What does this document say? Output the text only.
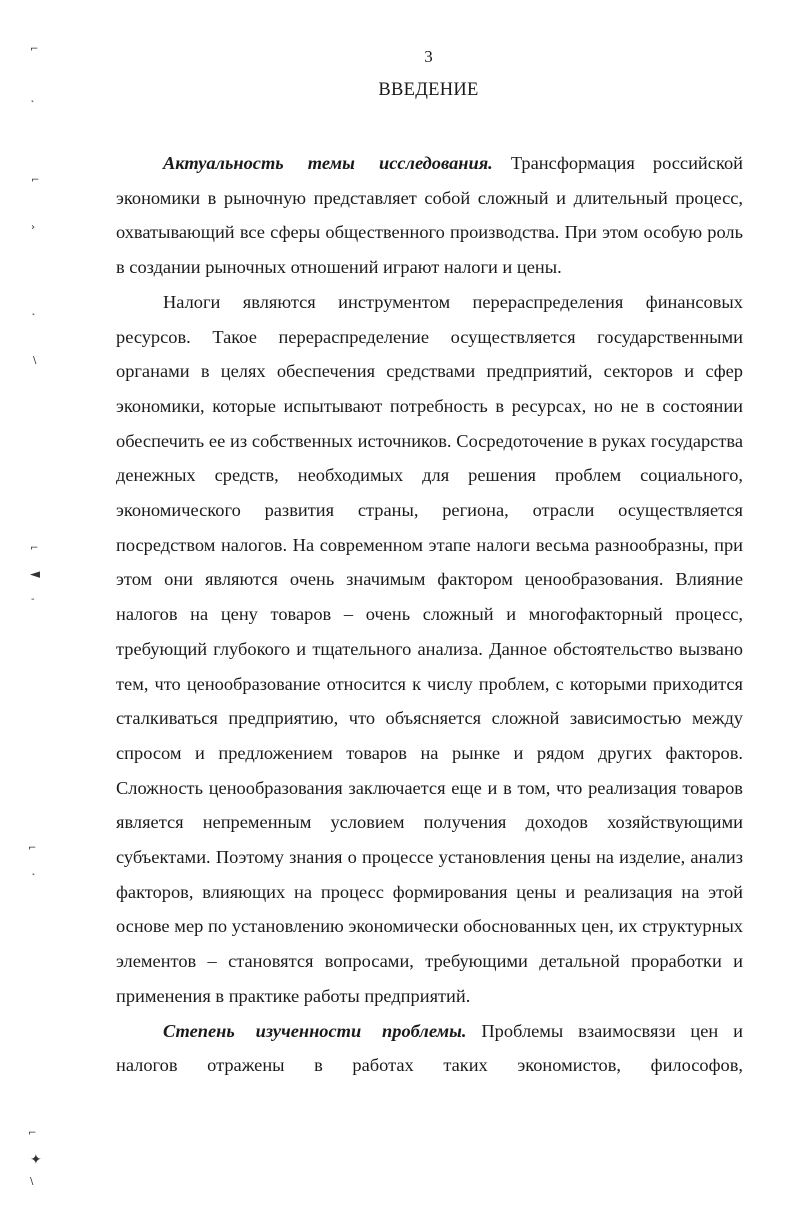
⌐
˛
⌐
›
˛
\
⌐
◄
-
⌐
˛
⌐
✦
\
3
ВВЕДЕНИЕ

Актуальность темы исследования. Трансформация российской экономики в рыночную представляет собой сложный и длительный процесс, охватывающий все сферы общественного производства. При этом особую роль в создании рыночных отношений играют налоги и цены.

Налоги являются инструментом перераспределения финансовых ресурсов. Такое перераспределение осуществляется государственными органами в целях обеспечения средствами предприятий, секторов и сфер экономики, которые испытывают потребность в ресурсах, но не в состоянии обеспечить ее из собственных источников. Сосредоточение в руках государства денежных средств, необходимых для решения проблем социального, экономического развития страны, региона, отрасли осуществляется посредством налогов. На современном этапе налоги весьма разнообразны, при этом они являются очень значимым фактором ценообразования. Влияние налогов на цену товаров – очень сложный и многофакторный процесс, требующий глубокого и тщательного анализа. Данное обстоятельство вызвано тем, что ценообразование относится к числу проблем, с которыми приходится сталкиваться предприятию, что объясняется сложной зависимостью между спросом и предложением товаров на рынке и рядом других факторов. Сложность ценообразования заключается еще и в том, что реализация товаров является непременным условием получения доходов хозяйствующими субъектами. Поэтому знания о процессе установления цены на изделие, анализ факторов, влияющих на процесс формирования цены и реализация на этой основе мер по установлению экономически обоснованных цен, их структурных элементов – становятся вопросами, требующими детальной проработки и применения в практике работы предприятий.

Степень изученности проблемы. Проблемы взаимосвязи цен и налогов отражены в работах таких экономистов, философов,
